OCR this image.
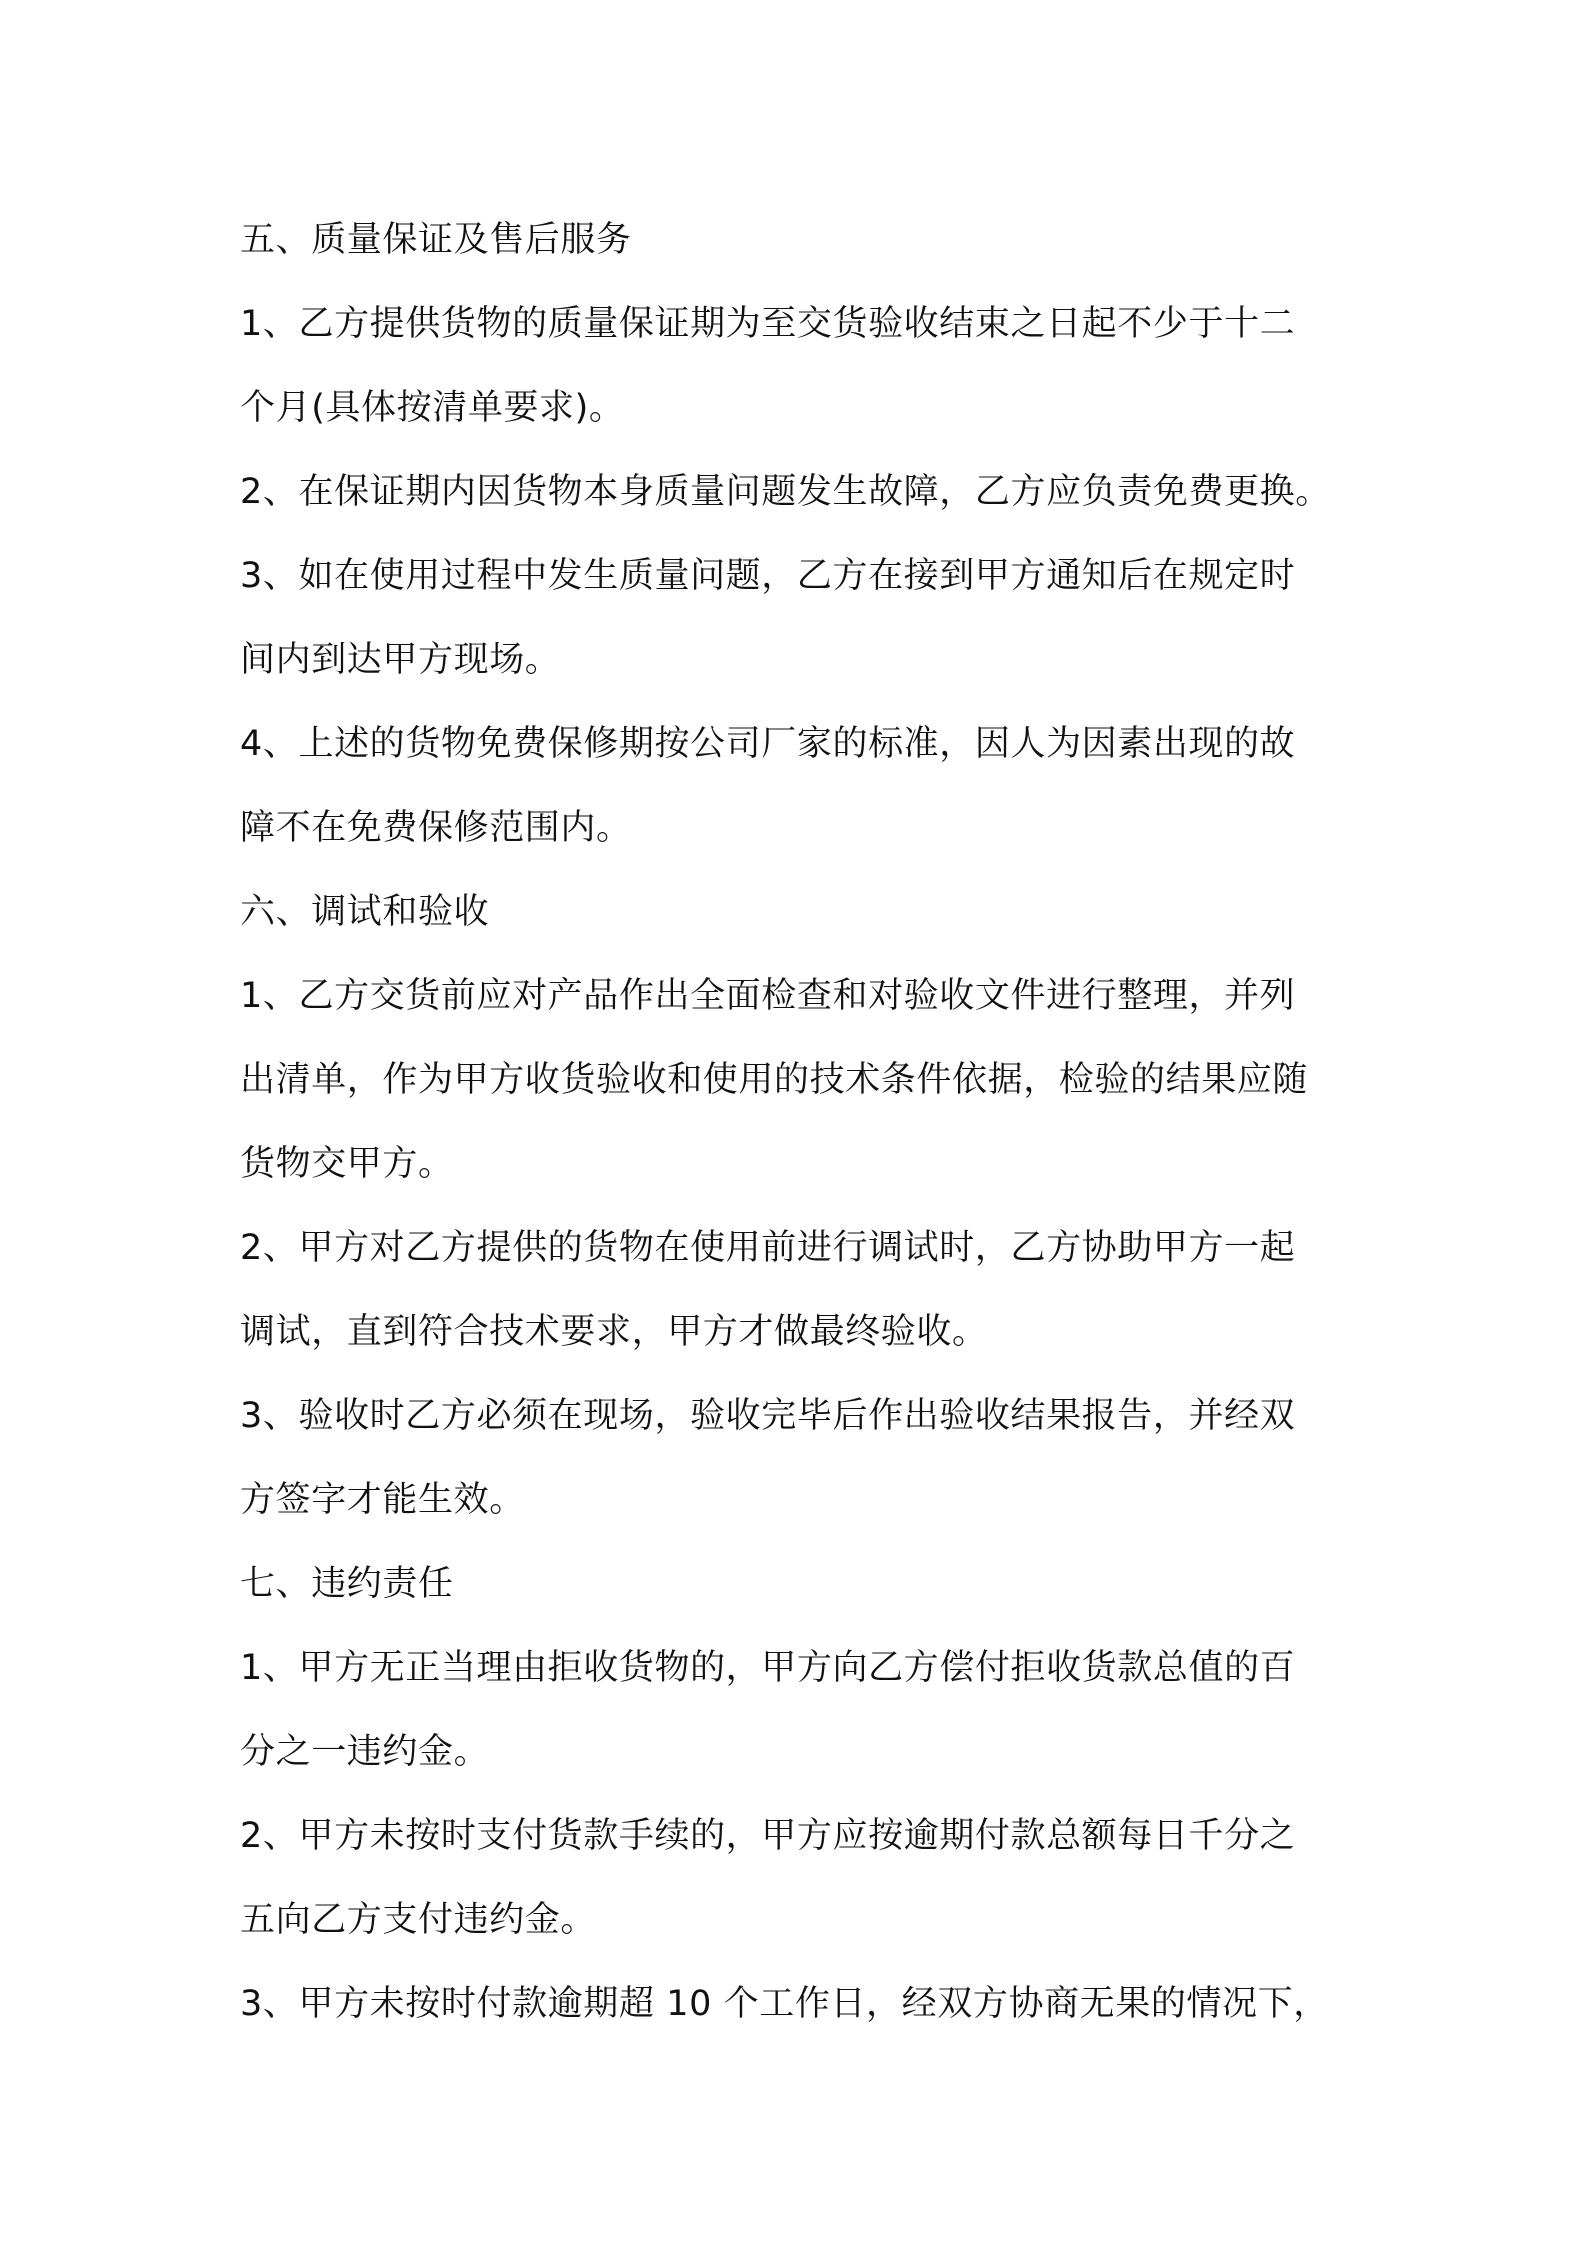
五、质量保证及售后服务
1、乙方提供货物的质量保证期为至交货验收结束之日起不少于十二
个月(具体按清单要求)。
2、在保证期内因货物本身质量问题发生故障，乙方应负责免费更换。
3、如在使用过程中发生质量问题，乙方在接到甲方通知后在规定时
间内到达甲方现场。
4、上述的货物免费保修期按公司厂家的标准，因人为因素出现的故
障不在免费保修范围内。
六、调试和验收
1、乙方交货前应对产品作出全面检查和对验收文件进行整理，并列
出清单，作为甲方收货验收和使用的技术条件依据，检验的结果应随
货物交甲方。
2、甲方对乙方提供的货物在使用前进行调试时，乙方协助甲方一起
调试，直到符合技术要求，甲方才做最终验收。
3、验收时乙方必须在现场，验收完毕后作出验收结果报告，并经双
方签字才能生效。
七、违约责任
1、甲方无正当理由拒收货物的，甲方向乙方偿付拒收货款总值的百
分之一违约金。
2、甲方未按时支付货款手续的，甲方应按逾期付款总额每日千分之
五向乙方支付违约金。
3、甲方未按时付款逾期超 10 个工作日，经双方协商无果的情况下，
